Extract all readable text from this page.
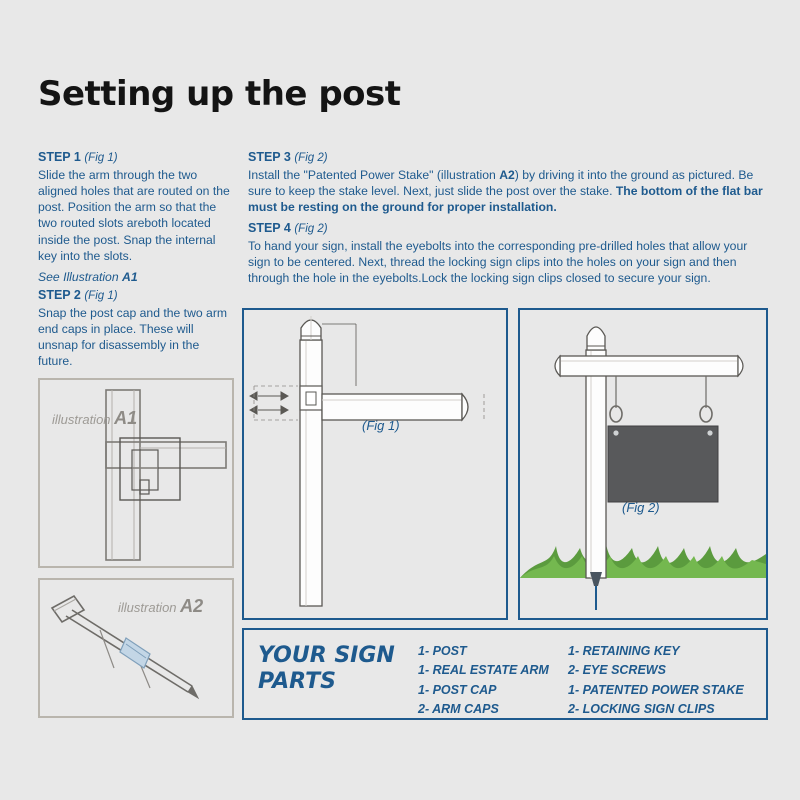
Setting up the post
STEP 1 (Fig 1)
Slide the arm through the two aligned holes that are routed on the post. Position the arm so that the two routed slots areboth located inside the post. Snap the internal key into the slots.
See Illustration A1
STEP 2 (Fig 1)
Snap the post cap and the two arm end caps in place. These will unsnap for disassembly in the future.
STEP 3 (Fig 2)
Install the "Patented Power Stake" (illustration A2) by driving it into the ground as pictured. Be sure to keep the stake level. Next, just slide the post over the stake. The bottom of the flat bar must be resting on the ground for proper installation.
STEP 4 (Fig 2)
To hand your sign, install the eyebolts into the corresponding pre-drilled holes that allow your sign to be centered. Next, thread the locking sign clips into the holes on your sign and then through the hole in the eyebolts.Lock the locking sign clips closed to secure your sign.
illustration A1
illustration A2
(Fig 1)
(Fig 2)
YOUR SIGN
PARTS
1- POST
1- REAL ESTATE ARM
1- POST CAP
2- ARM CAPS
1- RETAINING KEY
2- EYE SCREWS
1- PATENTED POWER STAKE
2- LOCKING SIGN CLIPS
